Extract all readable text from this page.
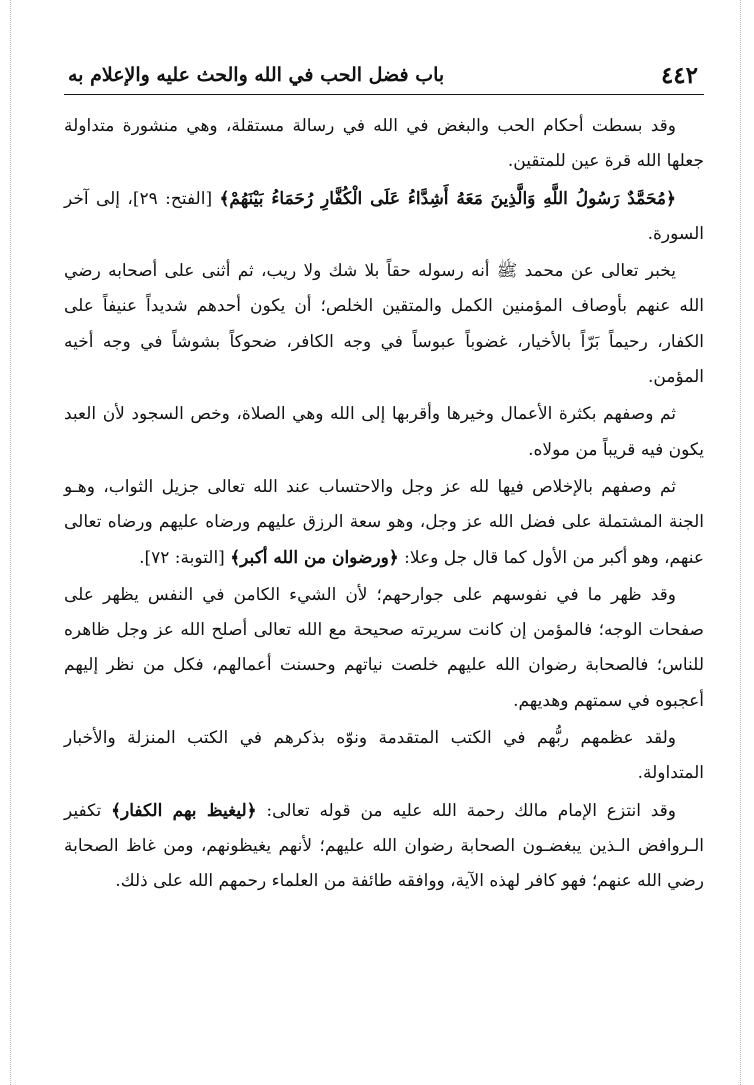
٤٤٢
باب فضل الحب في الله والحث عليه والإعلام به

وقد بسطت أحكام الحب والبغض في الله في رسالة مستقلة، وهي منشورة متداولة جعلها الله قرة عين للمتقين.

﴿مُحَمَّدٌ رَسُولُ اللَّهِ وَالَّذِينَ مَعَهُ أَشِدَّاءُ عَلَى الْكُفَّارِ رُحَمَاءُ بَيْنَهُمْ﴾ [الفتح: ٢٩]، إلى آخر السورة.

يخبر تعالى عن محمد ﷺ أنه رسوله حقاً بلا شك ولا ريب، ثم أثنى على أصحابه رضي الله عنهم بأوصاف المؤمنين الكمل والمتقين الخلص؛ أن يكون أحدهم شديداً عنيفاً على الكفار، رحيماً بَرّاً بالأخيار، غضوباً عبوساً في وجه الكافر، ضحوكاً بشوشاً في وجه أخيه المؤمن.

ثم وصفهم بكثرة الأعمال وخيرها وأقربها إلى الله وهي الصلاة، وخص السجود لأن العبد يكون فيه قريباً من مولاه.

ثم وصفهم بالإخلاص فيها لله عز وجل والاحتساب عند الله تعالى جزيل الثواب، وهـو الجنة المشتملة على فضل الله عز وجل، وهو سعة الرزق عليهم ورضاه عليهم ورضاه تعالى عنهم، وهو أكبر من الأول كما قال جل وعلا: ﴿ورضوان من الله أكبر﴾ [التوبة: ٧٢].

وقد ظهر ما في نفوسهم على جوارحهم؛ لأن الشيء الكامن في النفس يظهر على صفحات الوجه؛ فالمؤمن إن كانت سريرته صحيحة مع الله تعالى أصلح الله عز وجل ظاهره للناس؛ فالصحابة رضوان الله عليهم خلصت نياتهم وحسنت أعمالهم، فكل من نظر إليهم أعجبوه في سمتهم وهديهم.

ولقد عظمهم ربُّهم في الكتب المتقدمة ونوّه بذكرهم في الكتب المنزلة والأخبار المتداولة.

وقد انتزع الإمام مالك رحمة الله عليه من قوله تعالى: ﴿ليغيظ بهم الكفار﴾ تكفير الـروافض الـذين يبغضـون الصحابة رضوان الله عليهم؛ لأنهم يغيظونهم، ومن غاظ الصحابة رضي الله عنهم؛ فهو كافر لهذه الآية، ووافقه طائفة من العلماء رحمهم الله على ذلك.
